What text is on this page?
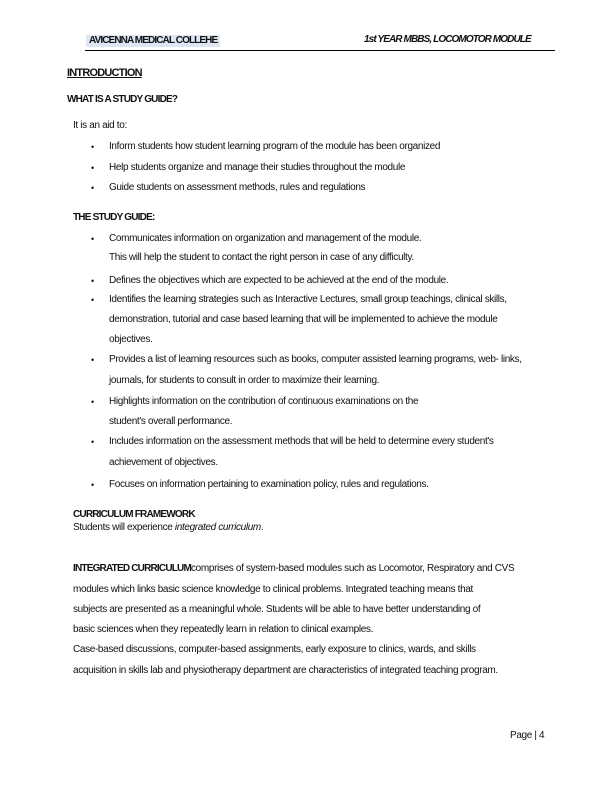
AVICENNA MEDICAL COLLEHE	1st YEAR MBBS, LOCOMOTOR MODULE
INTRODUCTION
WHAT IS A STUDY GUIDE?
It is an aid to:
• Inform students how student learning program of the module has been organized
• Help students organize and manage their studies throughout the module
• Guide students on assessment methods, rules and regulations
THE STUDY GUIDE:
• Communicates information on organization and management of the module.
This will help the student to contact the right person in case of any difficulty.
• Defines the objectives which are expected to be achieved at the end of the module.
• Identifies the learning strategies such as Interactive Lectures, small group teachings, clinical skills,
demonstration, tutorial and case based learning that will be implemented to achieve the module
objectives.
• Provides a list of learning resources such as books, computer assisted learning programs, web- links,
journals, for students to consult in order to maximize their learning.
• Highlights information on the contribution of continuous examinations on the
student's overall performance.
• Includes information on the assessment methods that will be held to determine every student's
achievement of objectives.
• Focuses on information pertaining to examination policy, rules and regulations.
CURRICULUM FRAMEWORK
Students will experience integrated curriculum.
INTEGRATED CURRICULUMcomprises of system-based modules such as Locomotor, Respiratory and CVS
modules which links basic science knowledge to clinical problems. Integrated teaching means that
subjects are presented as a meaningful whole. Students will be able to have better understanding of
basic sciences when they repeatedly learn in relation to clinical examples.
Case-based discussions, computer-based assignments, early exposure to clinics, wards, and skills
acquisition in skills lab and physiotherapy department are characteristics of integrated teaching program.
Page | 4
